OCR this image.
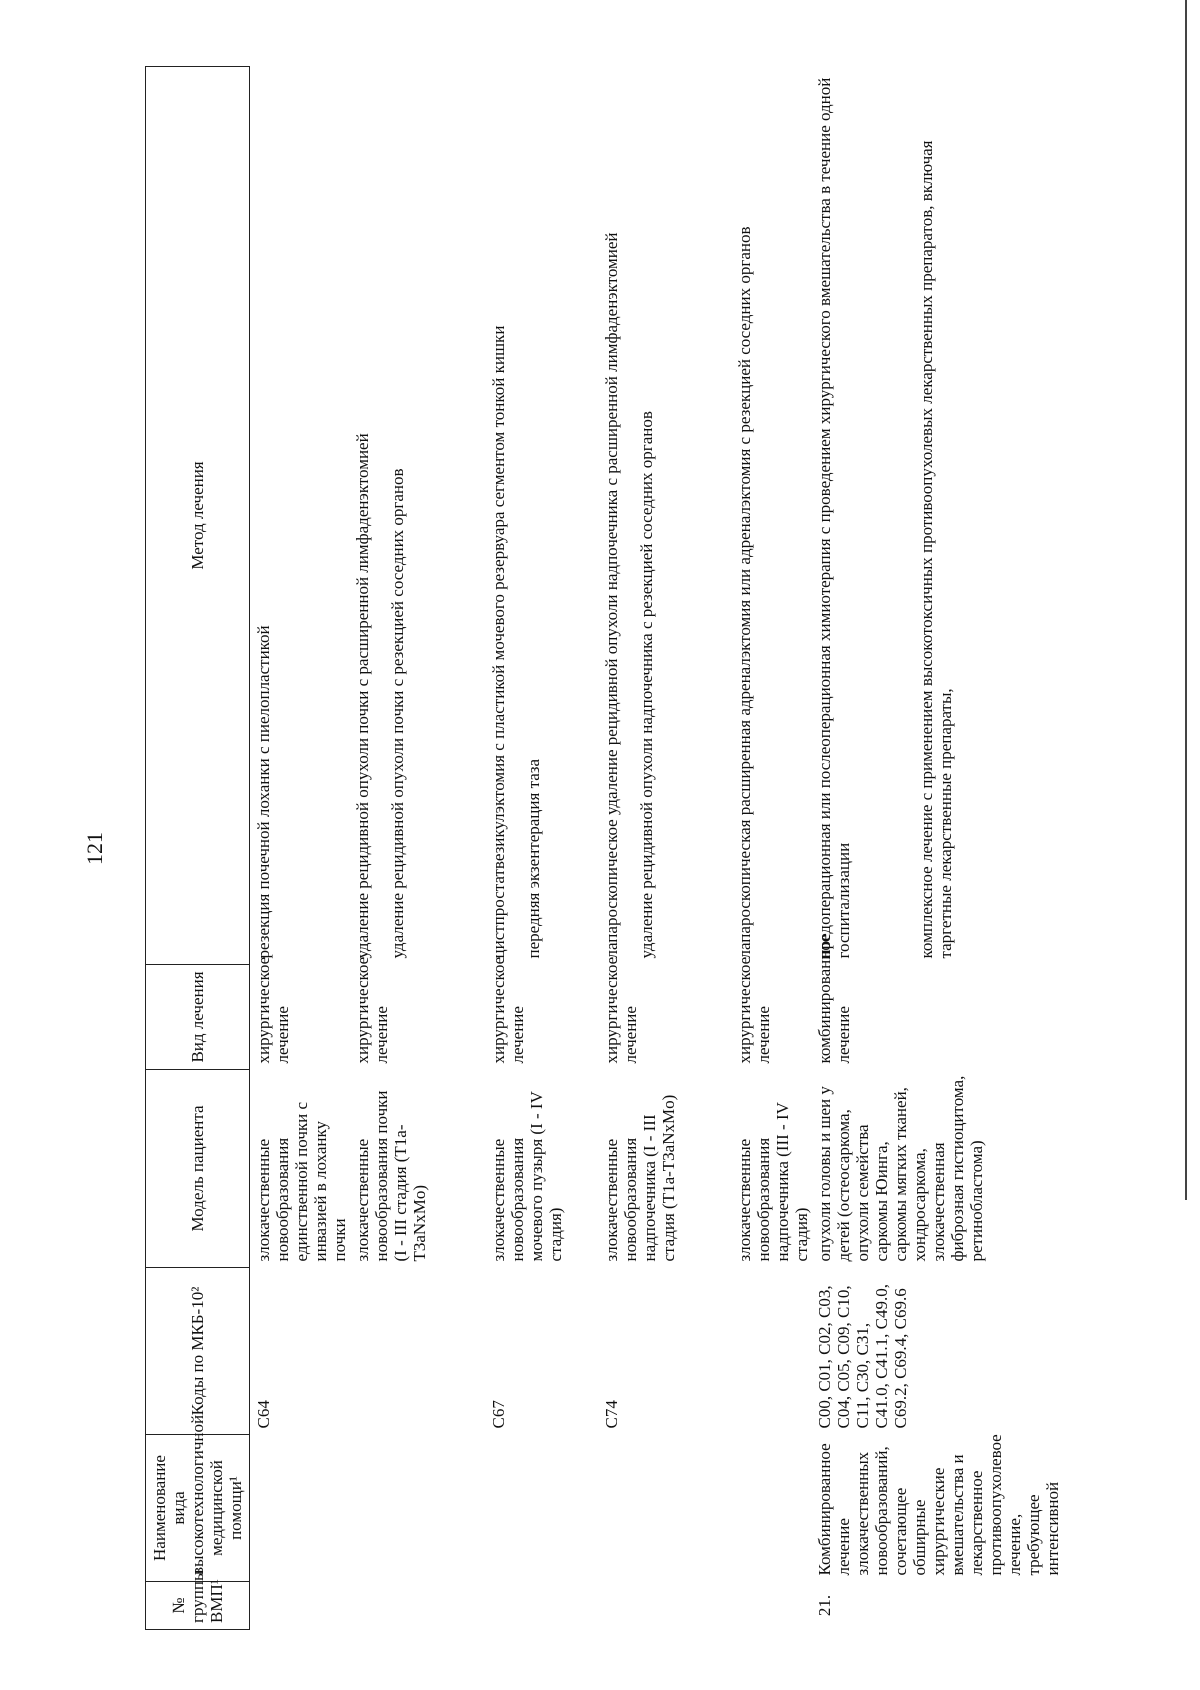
121
№ группы ВМП¹	Наименование вида высокотехнологичной медицинской помощи¹	Коды по МКБ-10²	Модель пациента	Вид лечения	Метод лечения
		C64	злокачественные новообразования единственной почки с инвазией в лоханку почки	хирургическое лечение	резекция почечной лоханки с пиелопластикой

			злокачественные новообразования почки (I - III стадия (T1a-T3aNxMo)	хирургическое лечение	удаление рецидивной опухоли почки с расширенной лимфаденэктомией удаление рецидивной опухоли почки с резекцией соседних органов

		C67	злокачественные новообразования мочевого пузыря (I - IV стадия)	хирургическое лечение	цистпростатвезикулэктомия с пластикой мочевого резервуара сегментом тонкой кишки передняя экзентерация таза

		C74	злокачественные новообразования надпочечника (I - III стадия (T1a-T3aNxMo)	хирургическое лечение	лапароскопическое удаление рецидивной опухоли надпочечника с расширенной лимфаденэктомией удаление рецидивной опухоли надпочечника с резекцией соседних органов

			злокачественные новообразования надпочечника (III - IV стадия)	хирургическое лечение	лапароскопическая расширенная адреналэктомия или адреналэктомия с резекцией соседних органов

21.	Комбинированное лечение злокачественных новообразований, сочетающее обширные хирургические вмешательства и лекарственное противоопухолевое лечение, требующее интенсивной	C00, C01, C02, C03, C04, C05, C09, C10, C11, C30, C31, C41.0, C41.1, C49.0, C69.2, C69.4, C69.6	опухоли головы и шеи у детей (остеосаркома, опухоли семейства саркомы Юинга, саркомы мягких тканей, хондросаркома, злокачественная фиброзная гистиоцитома, ретинобластома)	комбинированное лечение	предоперационная или послеоперационная химиотерапия с проведением хирургического вмешательства в течение одной госпитализации комплексное лечение с применением высокотоксичных противоопухолевых лекарственных препаратов, включая таргетные лекарственные препараты,
